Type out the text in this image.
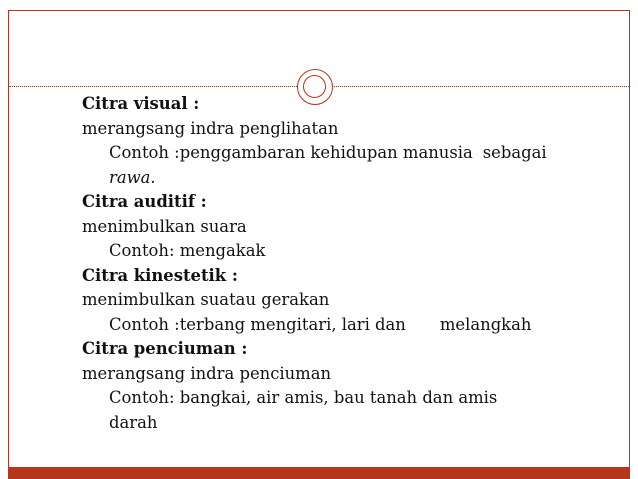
Citra visual :
merangsang indra penglihatan
Contoh :penggambaran kehidupan manusia sebagai
rawa.
Citra auditif :
menimbulkan suara
Contoh: mengakak
Citra kinestetik :
menimbulkan suatau gerakan
Contoh :terbang mengitari, lari dan melangkah
Citra penciuman :
merangsang indra penciuman
Contoh: bangkai, air amis, bau tanah dan amis
darah
